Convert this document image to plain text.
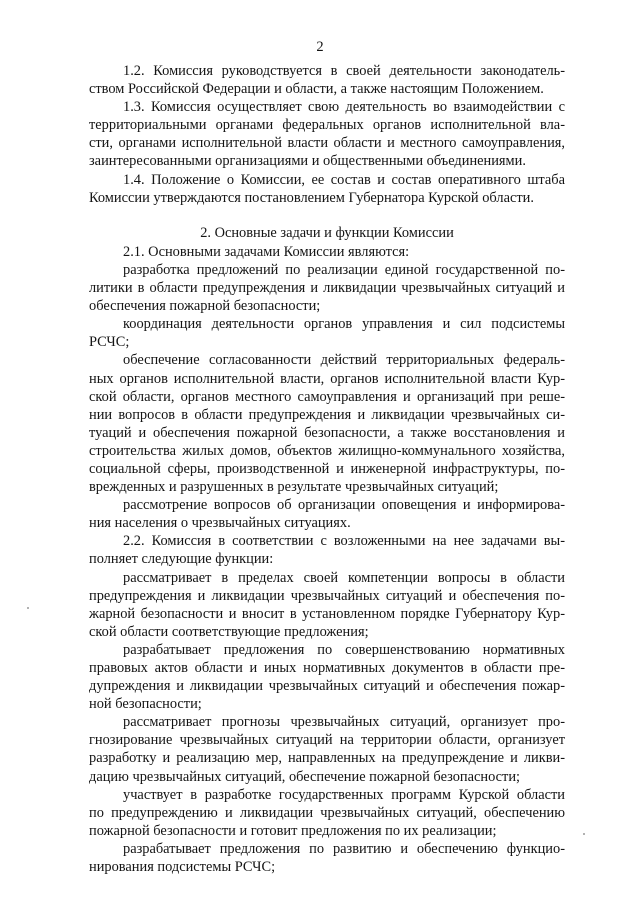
2
1.2. Комиссия руководствуется в своей деятельности законодатель-
ством Российской Федерации и области, а также настоящим Положением.
1.3. Комиссия осуществляет свою деятельность во взаимодействии с
территориальными органами федеральных органов исполнительной вла-
сти, органами исполнительной власти области и местного самоуправления,
заинтересованными организациями и общественными объединениями.
1.4. Положение о Комиссии, ее состав и состав оперативного штаба
Комиссии утверждаются постановлением Губернатора Курской области.
2. Основные задачи и функции Комиссии
2.1. Основными задачами Комиссии являются:
разработка предложений по реализации единой государственной по-
литики в области предупреждения и ликвидации чрезвычайных ситуаций и
обеспечения пожарной безопасности;
координация деятельности органов управления и сил подсистемы
РСЧС;
обеспечение согласованности действий территориальных федераль-
ных органов исполнительной власти, органов исполнительной власти Кур-
ской области, органов местного самоуправления и организаций при реше-
нии вопросов в области предупреждения и ликвидации чрезвычайных си-
туаций и обеспечения пожарной безопасности, а также восстановления и
строительства жилых домов, объектов жилищно-коммунального хозяйства,
социальной сферы, производственной и инженерной инфраструктуры, по-
врежденных и разрушенных в результате чрезвычайных ситуаций;
рассмотрение вопросов об организации оповещения и информирова-
ния населения о чрезвычайных ситуациях.
2.2. Комиссия в соответствии с возложенными на нее задачами вы-
полняет следующие функции:
рассматривает в пределах своей компетенции вопросы в области
предупреждения и ликвидации чрезвычайных ситуаций и обеспечения по-
жарной безопасности и вносит в установленном порядке Губернатору Кур-
ской области соответствующие предложения;
разрабатывает предложения по совершенствованию нормативных
правовых актов области и иных нормативных документов в области пре-
дупреждения и ликвидации чрезвычайных ситуаций и обеспечения пожар-
ной безопасности;
рассматривает прогнозы чрезвычайных ситуаций, организует про-
гнозирование чрезвычайных ситуаций на территории области, организует
разработку и реализацию мер, направленных на предупреждение и ликви-
дацию чрезвычайных ситуаций, обеспечение пожарной безопасности;
участвует в разработке государственных программ Курской области
по предупреждению и ликвидации чрезвычайных ситуаций, обеспечению
пожарной безопасности и готовит предложения по их реализации;
разрабатывает предложения по развитию и обеспечению функцио-
нирования подсистемы РСЧС;
